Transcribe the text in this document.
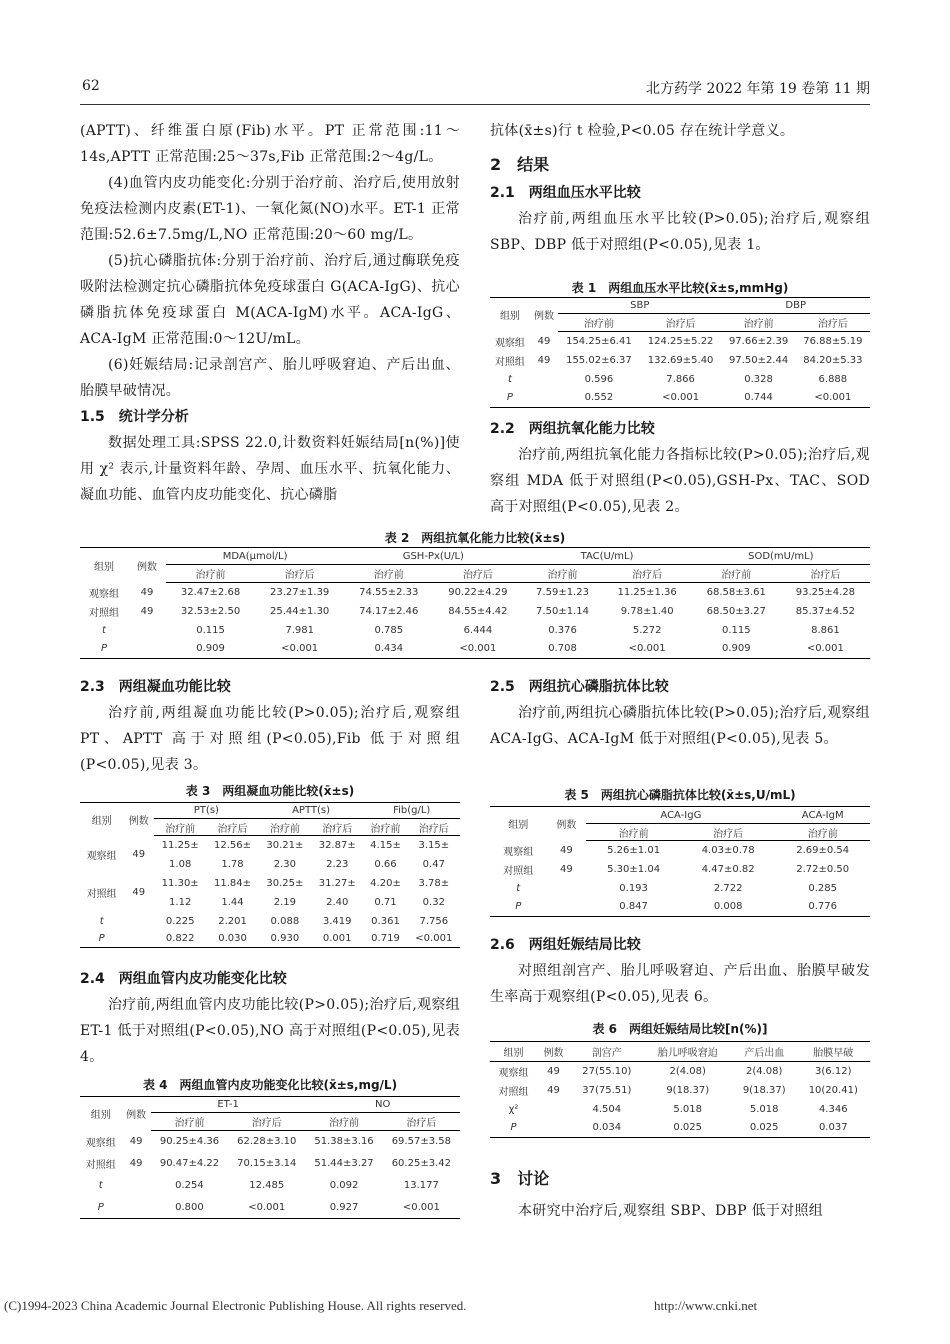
62	北方药学 2022 年第 19 卷第 11 期
(APTT)、纤维蛋白原(Fib)水平。PT 正常范围:11～14s,APTT 正常范围:25～37s,Fib 正常范围:2～4g/L。
(4)血管内皮功能变化:分别于治疗前、治疗后,使用放射免疫法检测内皮素(ET-1)、一氧化氮(NO)水平。ET-1 正常范围:52.6±7.5mg/L,NO 正常范围:20～60 mg/L。
(5)抗心磷脂抗体:分别于治疗前、治疗后,通过酶联免疫吸附法检测定抗心磷脂抗体免疫球蛋白 G(ACA-IgG)、抗心磷脂抗体免疫球蛋白 M(ACA-IgM)水平。ACA-IgG、ACA-IgM 正常范围:0～12U/mL。
(6)妊娠结局:记录剖宫产、胎儿呼吸窘迫、产后出血、胎膜早破情况。
1.5　统计学分析
数据处理工具:SPSS 22.0,计数资料妊娠结局[n(%)]使用 χ² 表示,计量资料年龄、孕周、血压水平、抗氧化能力、凝血功能、血管内皮功能变化、抗心磷脂
抗体(x̄±s)行 t 检验,P<0.05 存在统计学意义。
2　结果
2.1　两组血压水平比较
治疗前,两组血压水平比较(P>0.05);治疗后,观察组 SBP、DBP 低于对照组(P<0.05),见表 1。
表 1　两组血压水平比较(x̄±s,mmHg)
组别	例数	SBP		DBP	
		治疗前	治疗后	治疗前	治疗后
观察组	49	154.25±6.41	124.25±5.22	97.66±2.39	76.88±5.19
对照组	49	155.02±6.37	132.69±5.40	97.50±2.44	84.20±5.33
t		0.596	7.866	0.328	6.888
P		0.552	<0.001	0.744	<0.001
2.2　两组抗氧化能力比较
治疗前,两组抗氧化能力各指标比较(P>0.05);治疗后,观察组 MDA 低于对照组(P<0.05),GSH-Px、TAC、SOD 高于对照组(P<0.05),见表 2。
表 2　两组抗氧化能力比较(x̄±s)
组别	例数	MDA(μmol/L)		GSH-Px(U/L)		TAC(U/mL)		SOD(mU/mL)	
		治疗前	治疗后	治疗前	治疗后	治疗前	治疗后	治疗前	治疗后
观察组	49	32.47±2.68	23.27±1.39	74.55±2.33	90.22±4.29	7.59±1.23	11.25±1.36	68.58±3.61	93.25±4.28
对照组	49	32.53±2.50	25.44±1.30	74.17±2.46	84.55±4.42	7.50±1.14	9.78±1.40	68.50±3.27	85.37±4.52
t		0.115	7.981	0.785	6.444	0.376	5.272	0.115	8.861
P		0.909	<0.001	0.434	<0.001	0.708	<0.001	0.909	<0.001
2.3　两组凝血功能比较
治疗前,两组凝血功能比较(P>0.05);治疗后,观察组 PT、APTT 高于对照组(P<0.05),Fib 低于对照组(P<0.05),见表 3。
表 3　两组凝血功能比较(x̄±s)
组别	例数	PT(s)		APTT(s)		Fib(g/L)	
		治疗前	治疗后	治疗前	治疗后	治疗前	治疗后
观察组	49	11.25±	12.56±	30.21±	32.87±	4.15±	3.15±
		1.08	1.78	2.30	2.23	0.66	0.47
对照组	49	11.30±	11.84±	30.25±	31.27±	4.20±	3.78±
		1.12	1.44	2.19	2.40	0.71	0.32
t		0.225	2.201	0.088	3.419	0.361	7.756
P		0.822	0.030	0.930	0.001	0.719	<0.001
2.4　两组血管内皮功能变化比较
治疗前,两组血管内皮功能比较(P>0.05);治疗后,观察组 ET-1 低于对照组(P<0.05),NO 高于对照组(P<0.05),见表 4。
表 4　两组血管内皮功能变化比较(x̄±s,mg/L)
组别	例数	ET-1		NO	
		治疗前	治疗后	治疗前	治疗后
观察组	49	90.25±4.36	62.28±3.10	51.38±3.16	69.57±3.58
对照组	49	90.47±4.22	70.15±3.14	51.44±3.27	60.25±3.42
t		0.254	12.485	0.092	13.177
P		0.800	<0.001	0.927	<0.001
2.5　两组抗心磷脂抗体比较
治疗前,两组抗心磷脂抗体比较(P>0.05);治疗后,观察组 ACA-IgG、ACA-IgM 低于对照组(P<0.05),见表 5。
表 5　两组抗心磷脂抗体比较(x̄±s,U/mL)
组别	例数	ACA-IgG		ACA-IgM
		治疗前	治疗后	治疗前
观察组	49	5.26±1.01	4.03±0.78	2.69±0.54
对照组	49	5.30±1.04	4.47±0.82	2.72±0.50
t		0.193	2.722	0.285
P		0.847	0.008	0.776
2.6　两组妊娠结局比较
对照组剖宫产、胎儿呼吸窘迫、产后出血、胎膜早破发生率高于观察组(P<0.05),见表 6。
表 6　两组妊娠结局比较[n(%)]
组别	例数	剖宫产	胎儿呼吸窘迫	产后出血	胎膜早破
观察组	49	27(55.10)	2(4.08)	2(4.08)	3(6.12)
对照组	49	37(75.51)	9(18.37)	9(18.37)	10(20.41)
χ²		4.504	5.018	5.018	4.346
P		0.034	0.025	0.025	0.037
3　讨论
本研究中治疗后,观察组 SBP、DBP 低于对照组
(C)1994-2023 China Academic Journal Electronic Publishing House. All rights reserved.	http://www.cnki.net
